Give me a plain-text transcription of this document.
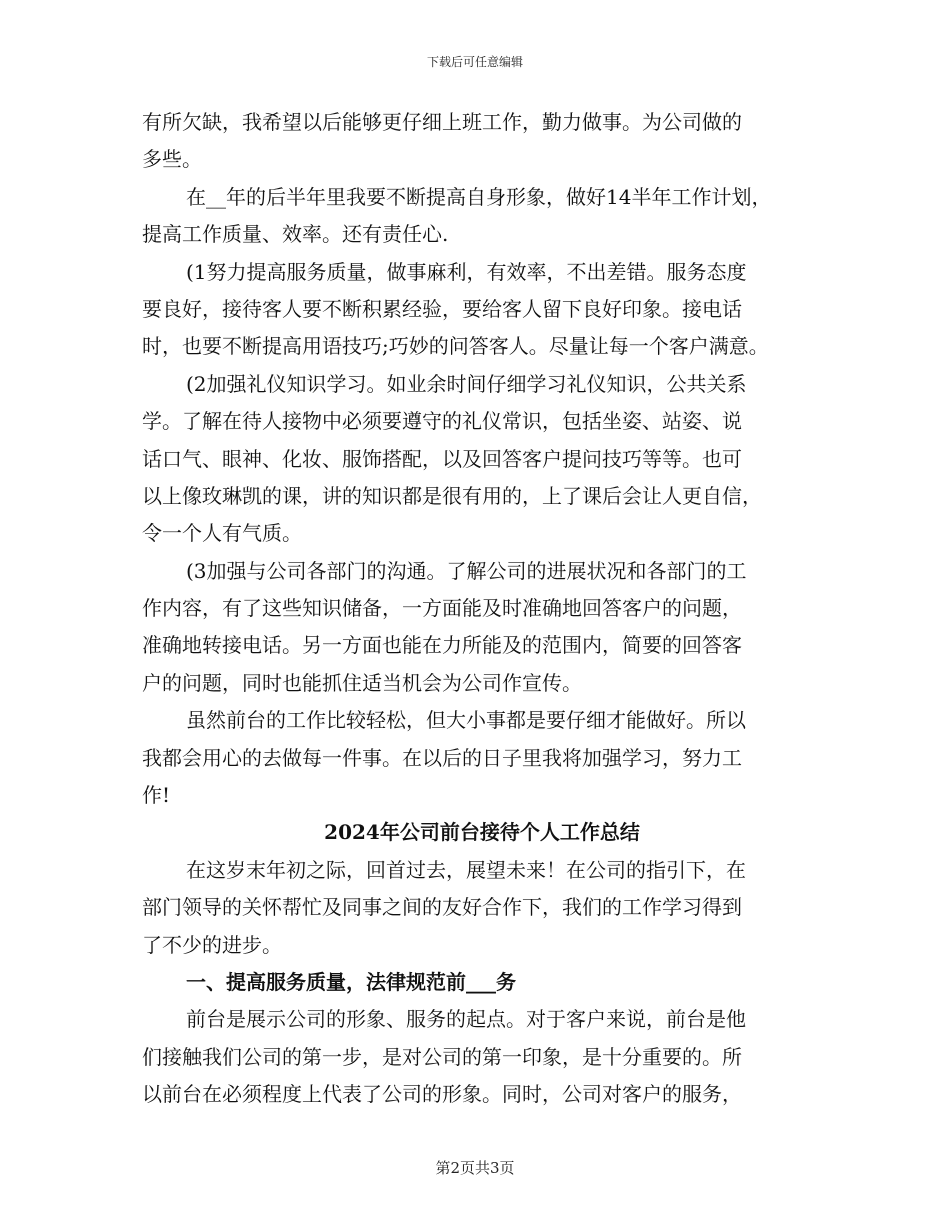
下载后可任意编辑
有所欠缺，我希望以后能够更仔细上班工作，勤力做事。为公司做的
多些。
在__年的后半年里我要不断提高自身形象，做好14半年工作计划，
提高工作质量、效率。还有责任心.
(1努力提高服务质量，做事麻利，有效率，不出差错。服务态度
要良好，接待客人要不断积累经验，要给客人留下良好印象。接电话
时，也要不断提高用语技巧;巧妙的问答客人。尽量让每一个客户满意。
(2加强礼仪知识学习。如业余时间仔细学习礼仪知识，公共关系
学。了解在待人接物中必须要遵守的礼仪常识，包括坐姿、站姿、说
话口气、眼神、化妆、服饰搭配，以及回答客户提问技巧等等。也可
以上像玫琳凯的课，讲的知识都是很有用的，上了课后会让人更自信，
令一个人有气质。
(3加强与公司各部门的沟通。了解公司的进展状况和各部门的工
作内容，有了这些知识储备，一方面能及时准确地回答客户的问题，
准确地转接电话。另一方面也能在力所能及的范围内，简要的回答客
户的问题，同时也能抓住适当机会为公司作宣传。
虽然前台的工作比较轻松，但大小事都是要仔细才能做好。所以
我都会用心的去做每一件事。在以后的日子里我将加强学习，努力工
作!
2024年公司前台接待个人工作总结
在这岁末年初之际，回首过去，展望未来！在公司的指引下，在
部门领导的关怀帮忙及同事之间的友好合作下，我们的工作学习得到
了不少的进步。
一、提高服务质量，法律规范前___务
前台是展示公司的形象、服务的起点。对于客户来说，前台是他
们接触我们公司的第一步，是对公司的第一印象，是十分重要的。所
以前台在必须程度上代表了公司的形象。同时，公司对客户的服务，
第2页共3页
